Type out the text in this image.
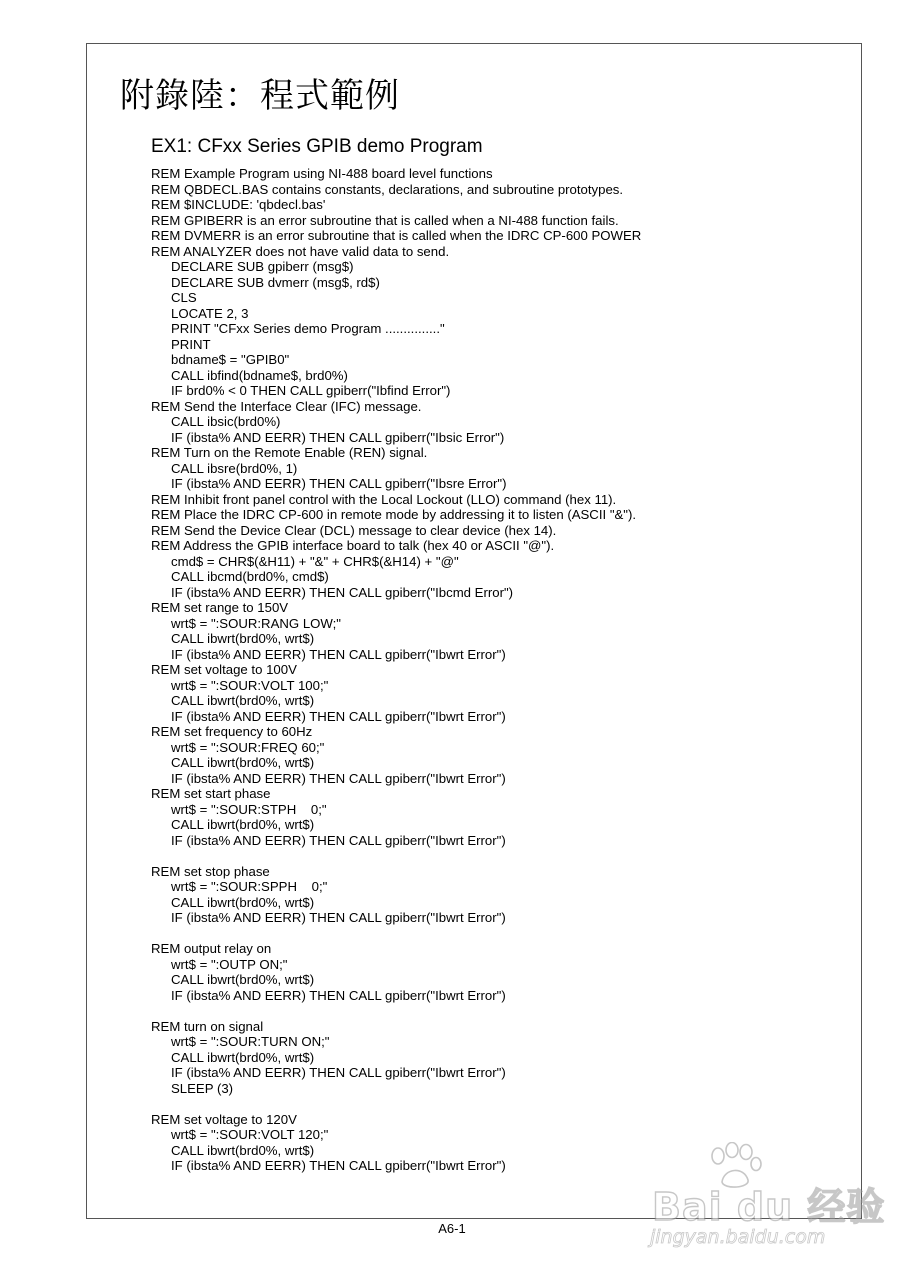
附錄陸：程式範例
EX1: CFxx Series GPIB demo Program
REM Example Program using NI-488 board level functions
REM QBDECL.BAS contains constants, declarations, and subroutine prototypes.
REM $INCLUDE: 'qbdecl.bas'
REM GPIBERR is an error subroutine that is called when a NI-488 function fails.
REM DVMERR is an error subroutine that is called when the IDRC CP-600 POWER
REM ANALYZER does not have valid data to send.
DECLARE SUB gpiberr (msg$)
DECLARE SUB dvmerr (msg$, rd$)
CLS
LOCATE 2, 3
PRINT "CFxx Series demo Program ..............."
PRINT
bdname$ = "GPIB0"
CALL ibfind(bdname$, brd0%)
IF brd0% < 0 THEN CALL gpiberr("Ibfind Error")
REM Send the Interface Clear (IFC) message.
CALL ibsic(brd0%)
IF (ibsta% AND EERR) THEN CALL gpiberr("Ibsic Error")
REM Turn on the Remote Enable (REN) signal.
CALL ibsre(brd0%, 1)
IF (ibsta% AND EERR) THEN CALL gpiberr("Ibsre Error")
REM Inhibit front panel control with the Local Lockout (LLO) command (hex 11).
REM Place the IDRC CP-600 in remote mode by addressing it to listen (ASCII "&").
REM Send the Device Clear (DCL) message to clear device (hex 14).
REM Address the GPIB interface board to talk (hex 40 or ASCII "@").
cmd$ = CHR$(&H11) + "&" + CHR$(&H14) + "@"
CALL ibcmd(brd0%, cmd$)
IF (ibsta% AND EERR) THEN CALL gpiberr("Ibcmd Error")
REM set range to 150V
wrt$ = ":SOUR:RANG LOW;"
CALL ibwrt(brd0%, wrt$)
IF (ibsta% AND EERR) THEN CALL gpiberr("Ibwrt Error")
REM set voltage to 100V
wrt$ = ":SOUR:VOLT 100;"
CALL ibwrt(brd0%, wrt$)
IF (ibsta% AND EERR) THEN CALL gpiberr("Ibwrt Error")
REM set frequency to 60Hz
wrt$ = ":SOUR:FREQ 60;"
CALL ibwrt(brd0%, wrt$)
IF (ibsta% AND EERR) THEN CALL gpiberr("Ibwrt Error")
REM set start phase
wrt$ = ":SOUR:STPH    0;"
CALL ibwrt(brd0%, wrt$)
IF (ibsta% AND EERR) THEN CALL gpiberr("Ibwrt Error")
REM set stop phase
wrt$ = ":SOUR:SPPH    0;"
CALL ibwrt(brd0%, wrt$)
IF (ibsta% AND EERR) THEN CALL gpiberr("Ibwrt Error")
REM output relay on
wrt$ = ":OUTP ON;"
CALL ibwrt(brd0%, wrt$)
IF (ibsta% AND EERR) THEN CALL gpiberr("Ibwrt Error")
REM turn on signal
wrt$ = ":SOUR:TURN ON;"
CALL ibwrt(brd0%, wrt$)
IF (ibsta% AND EERR) THEN CALL gpiberr("Ibwrt Error")
SLEEP (3)
REM set voltage to 120V
wrt$ = ":SOUR:VOLT 120;"
CALL ibwrt(brd0%, wrt$)
IF (ibsta% AND EERR) THEN CALL gpiberr("Ibwrt Error")
A6-1	Bai du 经验
jingyan.baidu.com
